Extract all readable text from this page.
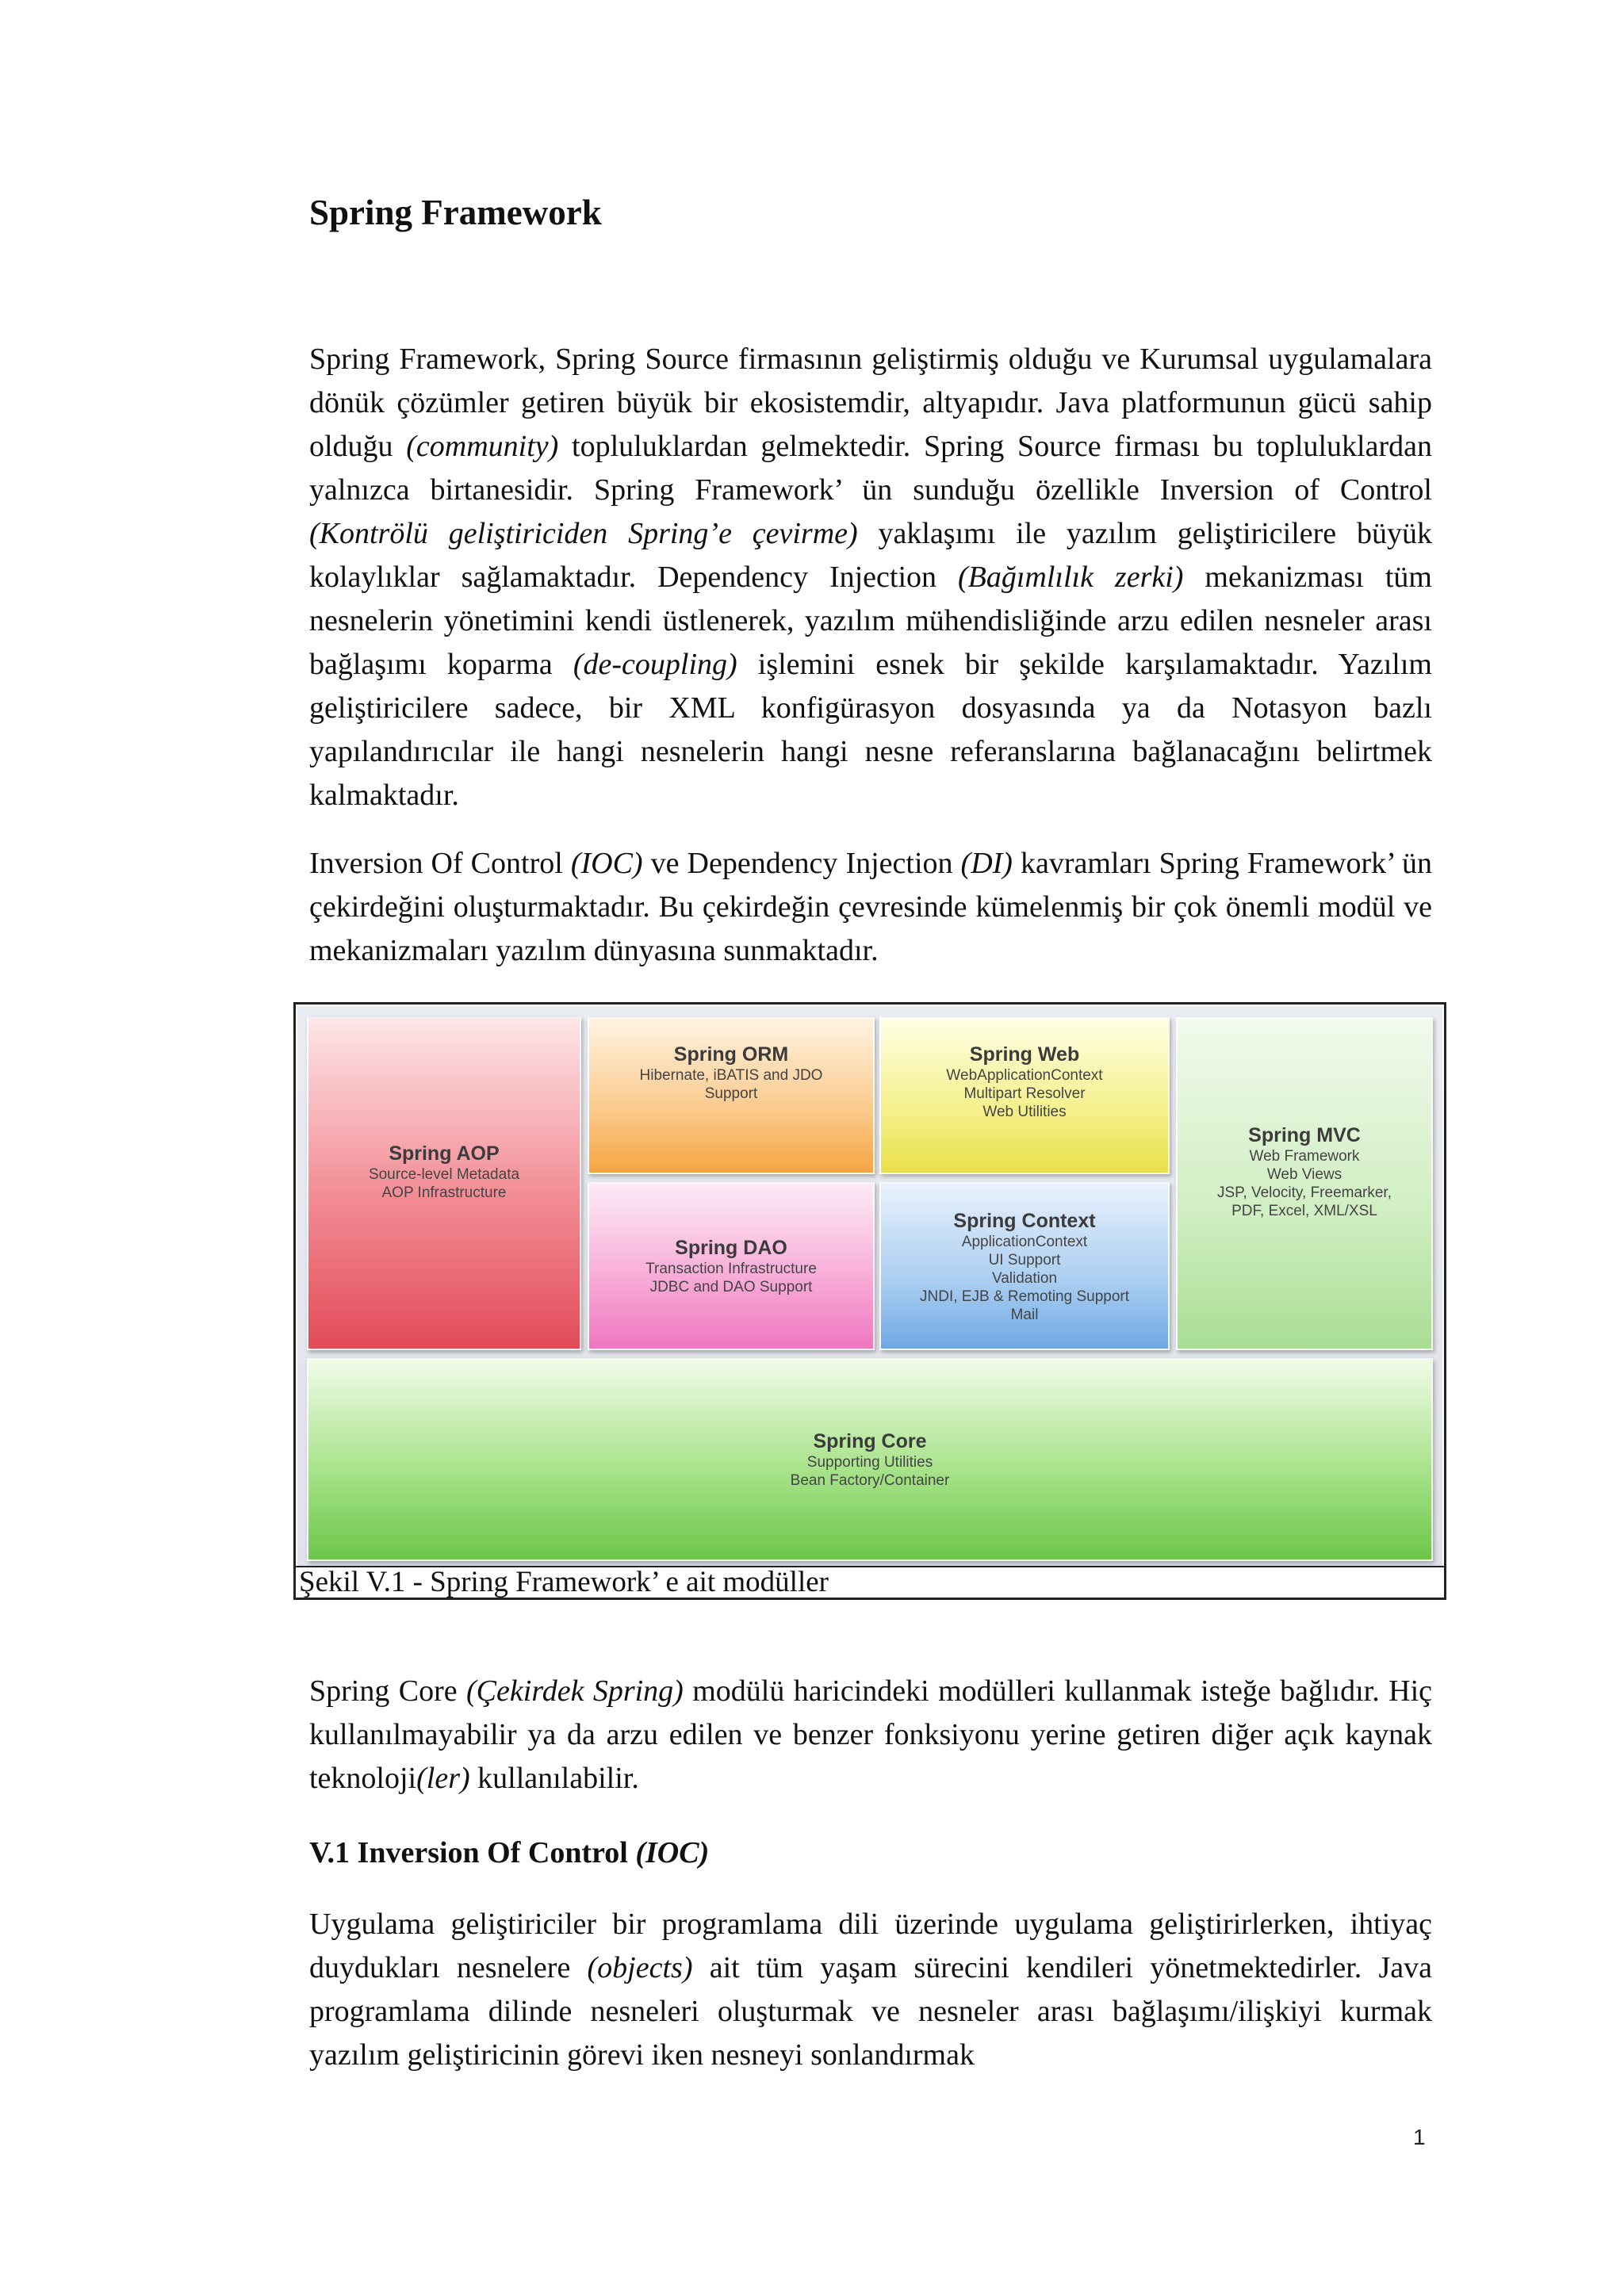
Spring Framework

Spring Framework, Spring Source firmasının geliştirmiş olduğu ve Kurumsal uygulamalara dönük çözümler getiren büyük bir ekosistemdir, altyapıdır. Java platformunun gücü sahip olduğu (community) topluluklardan gelmektedir. Spring Source firması bu topluluklardan yalnızca birtanesidir. Spring Framework’ ün sunduğu özellikle Inversion of Control (Kontrölü geliştiriciden Spring’e çevirme) yaklaşımı ile yazılım geliştiricilere büyük kolaylıklar sağlamaktadır. Dependency Injection (Bağımlılık zerki) mekanizması tüm nesnelerin yönetimini kendi üstlenerek, yazılım mühendisliğinde arzu edilen nesneler arası bağlaşımı koparma (de-coupling) işlemini esnek bir şekilde karşılamaktadır. Yazılım geliştiricilere sadece, bir XML konfigürasyon dosyasında ya da Notasyon bazlı yapılandırıcılar ile hangi nesnelerin hangi nesne referanslarına bağlanacağını belirtmek kalmaktadır.

Inversion Of Control (IOC) ve Dependency Injection (DI) kavramları Spring Framework’ ün çekirdeğini oluşturmaktadır. Bu çekirdeğin çevresinde kümelenmiş bir çok önemli modül ve mekanizmaları yazılım dünyasına sunmaktadır.

Spring AOP
Source-level Metadata
AOP Infrastructure
Spring ORM
Hibernate, iBATIS and JDO
Support
Spring DAO
Transaction Infrastructure
JDBC and DAO Support
Spring Web
WebApplicationContext
Multipart Resolver
Web Utilities
Spring Context
ApplicationContext
UI Support
Validation
JNDI, EJB & Remoting Support
Mail
Spring MVC
Web Framework
Web Views
JSP, Velocity, Freemarker,
PDF, Excel, XML/XSL
Spring Core
Supporting Utilities
Bean Factory/Container
Şekil V.1 - Spring Framework’ e ait modüller

Spring Core (Çekirdek Spring) modülü haricindeki modülleri kullanmak isteğe bağlıdır. Hiç kullanılmayabilir ya da arzu edilen ve benzer fonksiyonu yerine getiren diğer açık kaynak teknoloji(ler) kullanılabilir.

V.1 Inversion Of Control (IOC)

Uygulama geliştiriciler bir programlama dili üzerinde uygulama geliştirirlerken, ihtiyaç duydukları nesnelere (objects) ait tüm yaşam sürecini kendileri yönetmektedirler. Java programlama dilinde nesneleri oluşturmak ve nesneler arası bağlaşımı/ilişkiyi kurmak yazılım geliştiricinin görevi iken nesneyi sonlandırmak

1
